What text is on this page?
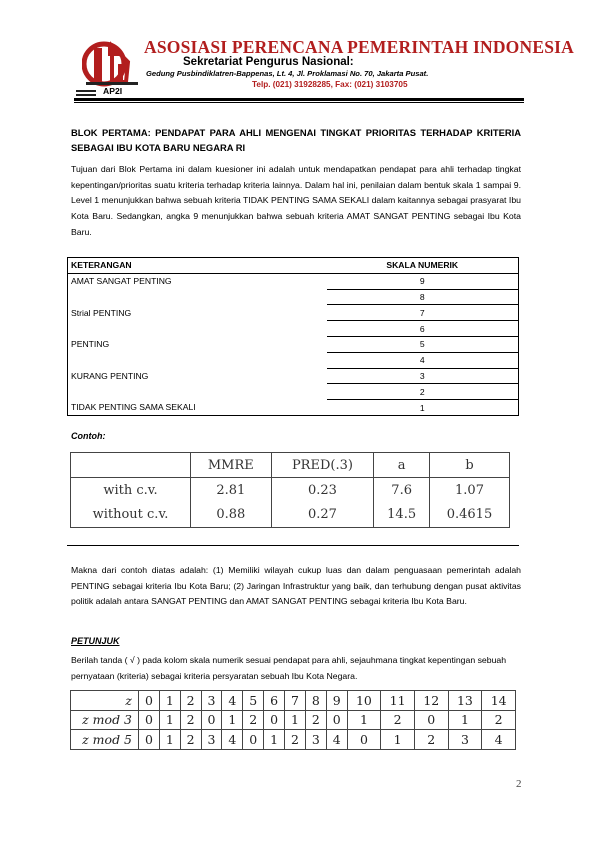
ASOSIASI PERENCANA PEMERINTAH INDONESIA
Sekretariat Pengurus Nasional:
Gedung Pusbindiklatren-Bappenas, Lt. 4, Jl. Proklamasi No. 70, Jakarta Pusat.
Telp. (021) 31928285, Fax: (021) 3103705
AP2I
BLOK PERTAMA: PENDAPAT PARA AHLI MENGENAI TINGKAT PRIORITAS TERHADAP KRITERIA SEBAGAI IBU KOTA BARU NEGARA RI
Tujuan dari Blok Pertama ini dalam kuesioner ini adalah untuk mendapatkan pendapat para ahli terhadap tingkat kepentingan/prioritas suatu kriteria terhadap kriteria lainnya. Dalam hal ini, penilaian dalam bentuk skala 1 sampai 9. Level 1 menunjukkan bahwa sebuah kriteria TIDAK PENTING SAMA SEKALI dalam kaitannya sebagai prasyarat Ibu Kota Baru. Sedangkan, angka 9 menunjukkan bahwa sebuah kriteria AMAT SANGAT PENTING sebagai Ibu Kota Baru.
KETERANGAN	SKALA NUMERIK
AMAT SANGAT PENTING	9
	8
Strial PENTING	7
	6
PENTING	5
	4
KURANG PENTING	3
	2
TIDAK PENTING SAMA SEKALI	1
Contoh:
	MMRE	PRED(.3)	a	b
with c.v.	2.81	0.23	7.6	1.07
without c.v.	0.88	0.27	14.5	0.4615
Makna dari contoh diatas adalah: (1) Memiliki wilayah cukup luas dan dalam penguasaan pemerintah adalah PENTING sebagai kriteria Ibu Kota Baru; (2) Jaringan Infrastruktur yang baik, dan terhubung dengan pusat aktivitas politik adalah antara SANGAT PENTING dan AMAT SANGAT PENTING sebagai kriteria Ibu Kota Baru.
PETUNJUK
Berilah tanda ( √ ) pada kolom skala numerik sesuai pendapat para ahli, sejauhmana tingkat kepentingan sebuah pernyataan (kriteria) sebagai kriteria persyaratan sebuah Ibu Kota Negara.
z	0	1	2	3	4	5	6	7	8	9	10	11	12	13	14
z mod 3	0	1	2	0	1	2	0	1	2	0	1	2	0	1	2
z mod 5	0	1	2	3	4	0	1	2	3	4	0	1	2	3	4
2
